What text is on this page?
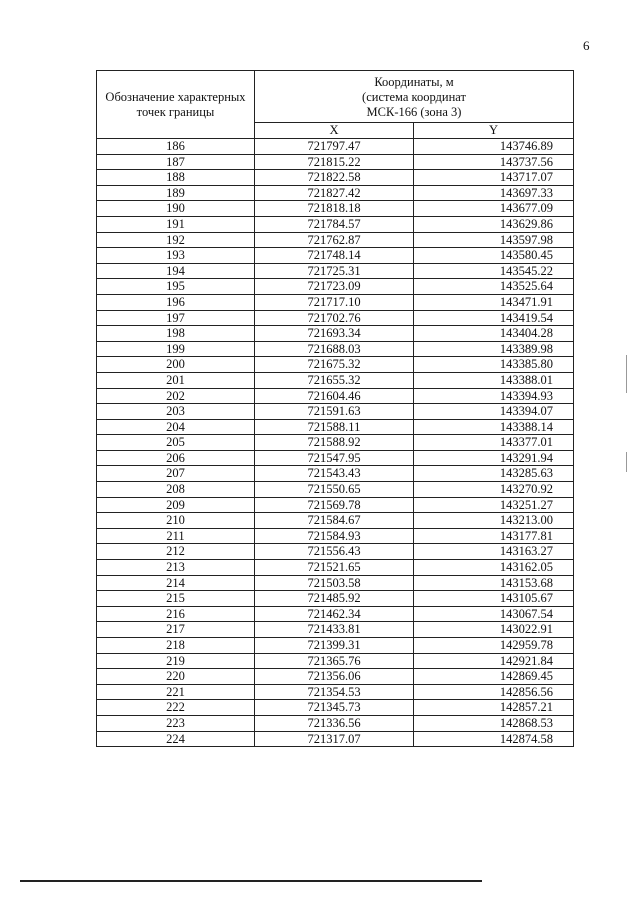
6
Обозначение характерных точек границы	Координаты, м
(система координат
МСК-166 (зона 3)	

	X	Y
186	721797.47	143746.89
187	721815.22	143737.56
188	721822.58	143717.07
189	721827.42	143697.33
190	721818.18	143677.09
191	721784.57	143629.86
192	721762.87	143597.98
193	721748.14	143580.45
194	721725.31	143545.22
195	721723.09	143525.64
196	721717.10	143471.91
197	721702.76	143419.54
198	721693.34	143404.28
199	721688.03	143389.98
200	721675.32	143385.80
201	721655.32	143388.01
202	721604.46	143394.93
203	721591.63	143394.07
204	721588.11	143388.14
205	721588.92	143377.01
206	721547.95	143291.94
207	721543.43	143285.63
208	721550.65	143270.92
209	721569.78	143251.27
210	721584.67	143213.00
211	721584.93	143177.81
212	721556.43	143163.27
213	721521.65	143162.05
214	721503.58	143153.68
215	721485.92	143105.67
216	721462.34	143067.54
217	721433.81	143022.91
218	721399.31	142959.78
219	721365.76	142921.84
220	721356.06	142869.45
221	721354.53	142856.56
222	721345.73	142857.21
223	721336.56	142868.53
224	721317.07	142874.58
